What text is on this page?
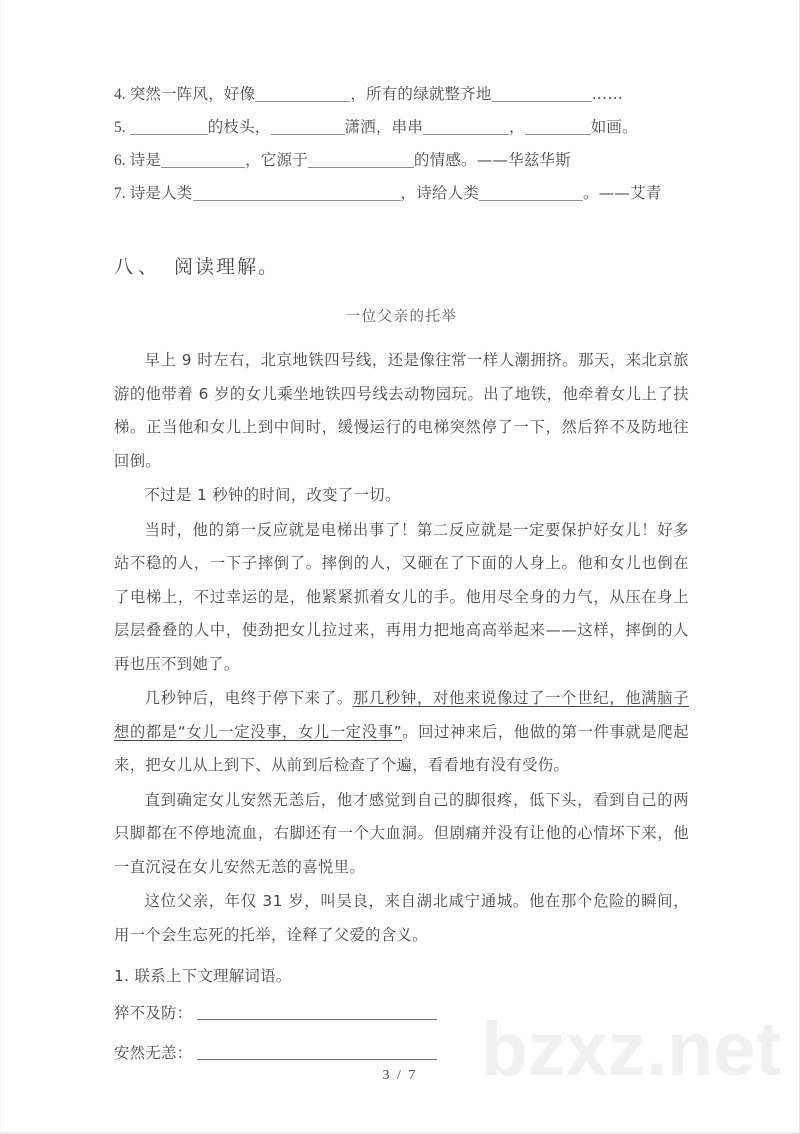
bzxz.net
4. 突然一阵风，好像	，所有的绿就整齐地	……
5.	的枝头，	潇洒，串串	，	如画。
6. 诗是	，它源于	的情感。——华兹华斯
7. 诗是人类	，诗给人类	。——艾青
八、 阅读理解。
一位父亲的托举

早上 9 时左右，北京地铁四号线，还是像往常一样人潮拥挤。那天，来北京旅游的他带着 6 岁的女儿乘坐地铁四号线去动物园玩。出了地铁，他牵着女儿上了扶梯。正当他和女儿上到中间时，缓慢运行的电梯突然停了一下，然后猝不及防地往回倒。

不过是 1 秒钟的时间，改变了一切。

当时，他的第一反应就是电梯出事了！第二反应就是一定要保护好女儿！好多站不稳的人，一下子摔倒了。摔倒的人，又砸在了下面的人身上。他和女儿也倒在了电梯上，不过幸运的是，他紧紧抓着女儿的手。他用尽全身的力气，从压在身上层层叠叠的人中，使劲把女儿拉过来，再用力把地高高举起来——这样，摔倒的人再也压不到她了。

几秒钟后，电终于停下来了。那几秒钟，对他来说像过了一个世纪，他满脑子想的都是“女儿一定没事，女儿一定没事”。回过神来后，他做的第一件事就是爬起来，把女儿从上到下、从前到后检查了个遍，看看地有没有受伤。

直到确定女儿安然无恙后，他才感觉到自己的脚很疼，低下头，看到自己的两只脚都在不停地流血，右脚还有一个大血洞。但剧痛并没有让他的心情坏下来，他一直沉浸在女儿安然无恙的喜悦里。

这位父亲，年仅 31 岁，叫吴良，来自湖北咸宁通城。他在那个危险的瞬间，用一个会生忘死的托举，诠释了父爱的含义。

1. 联系上下文理解词语。
猝不及防：
安然无恙：
3 / 7
